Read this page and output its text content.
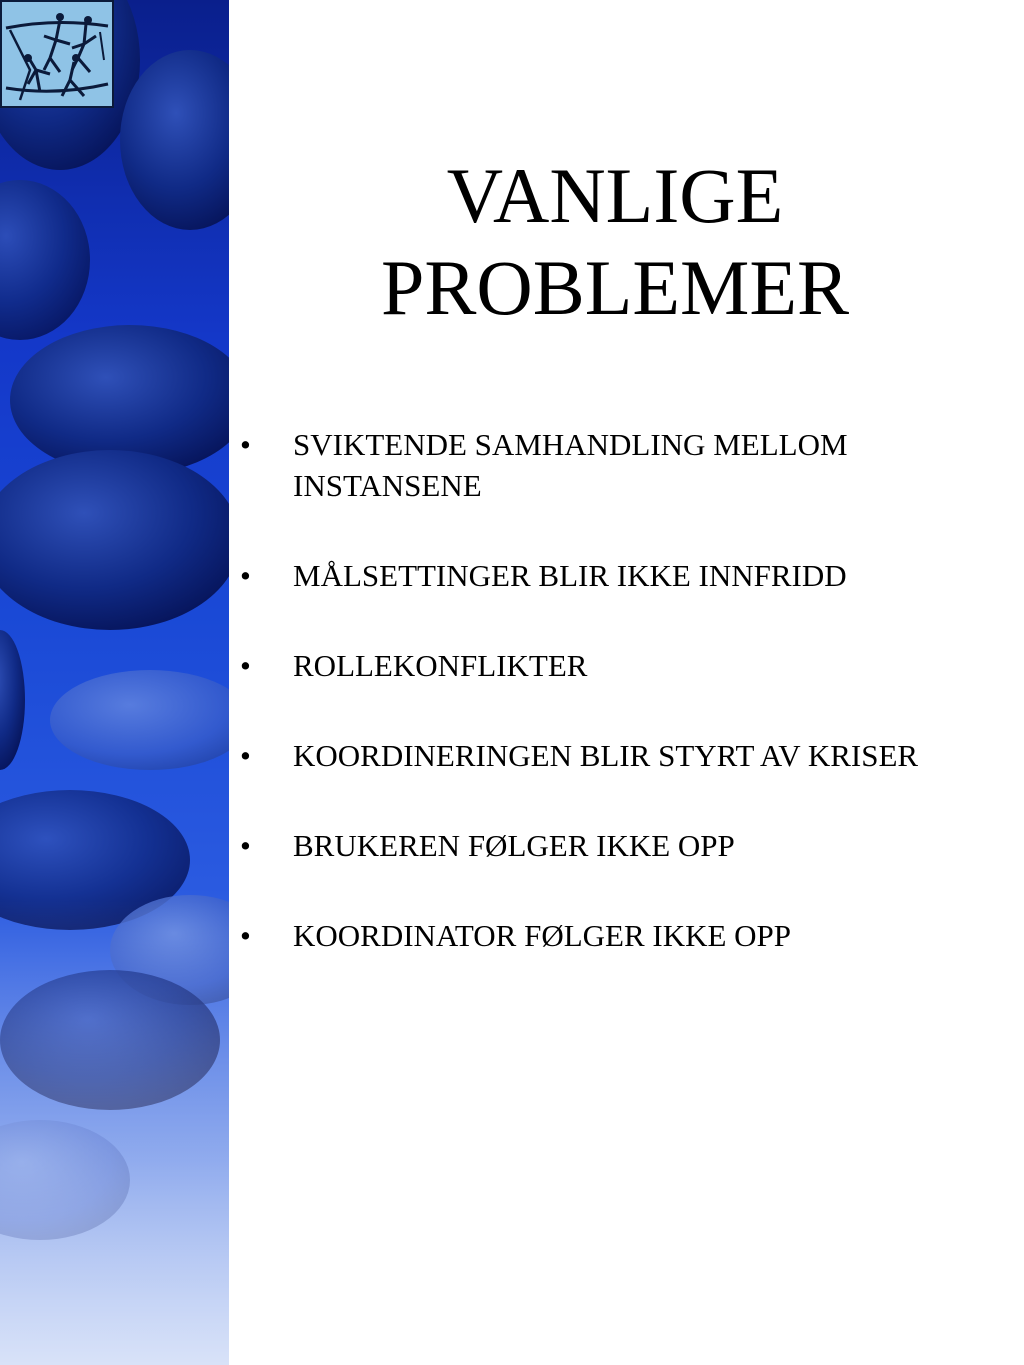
VANLIGE
PROBLEMER
• SVIKTENDE SAMHANDLING MELLOM INSTANSENE
• MÅLSETTINGER BLIR IKKE INNFRIDD
• ROLLEKONFLIKTER
• KOORDINERINGEN BLIR STYRT AV KRISER
• BRUKEREN FØLGER IKKE OPP
• KOORDINATOR FØLGER IKKE OPP
